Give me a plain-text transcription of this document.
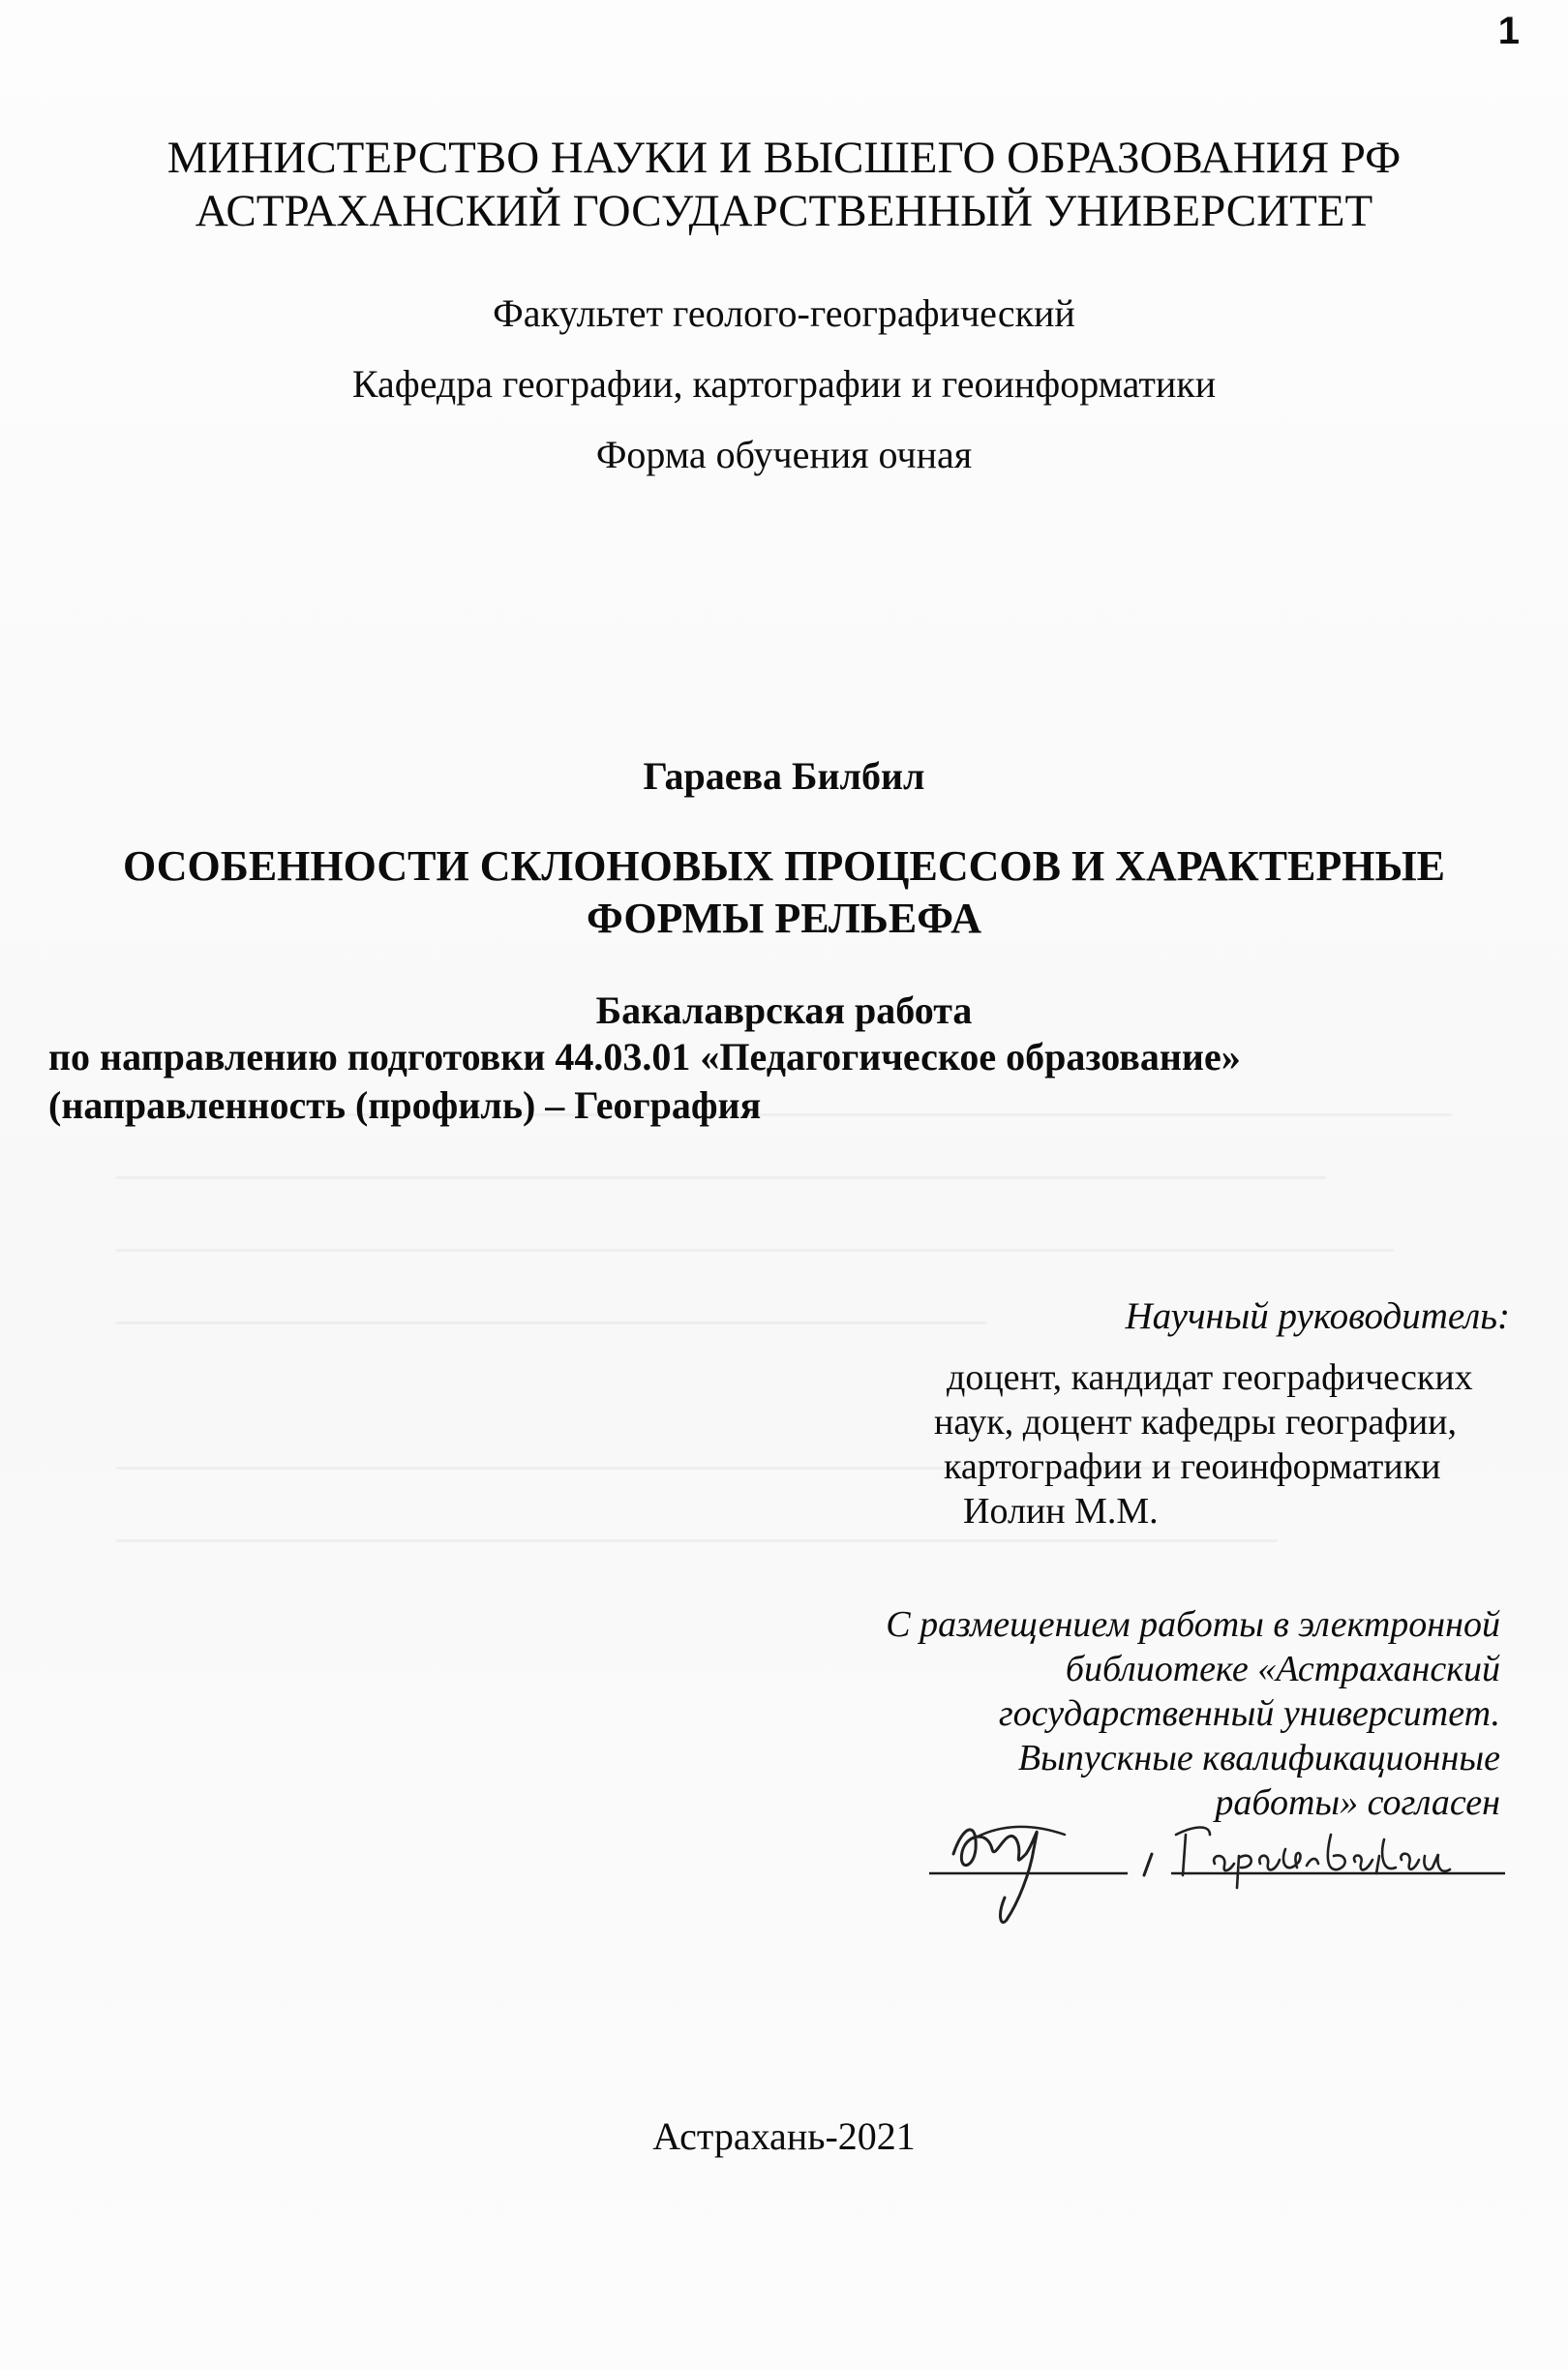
1
МИНИСТЕРСТВО НАУКИ И ВЫСШЕГО ОБРАЗОВАНИЯ РФ
АСТРАХАНСКИЙ ГОСУДАРСТВЕННЫЙ УНИВЕРСИТЕТ
Факультет геолого-географический
Кафедра географии, картографии и геоинформатики
Форма обучения очная
Гараева Билбил
ОСОБЕННОСТИ СКЛОНОВЫХ ПРОЦЕССОВ И ХАРАКТЕРНЫЕ
ФОРМЫ РЕЛЬЕФА
Бакалаврская работа
по направлению подготовки 44.03.01 «Педагогическое образование»
(направленность (профиль) – География
Научный руководитель:
доцент, кандидат географических
наук, доцент кафедры географии,
картографии и геоинформатики
Иолин М.М.
С размещением работы в электронной
библиотеке «Астраханский
государственный университет.
Выпускные квалификационные
работы» согласен
Астрахань-2021
